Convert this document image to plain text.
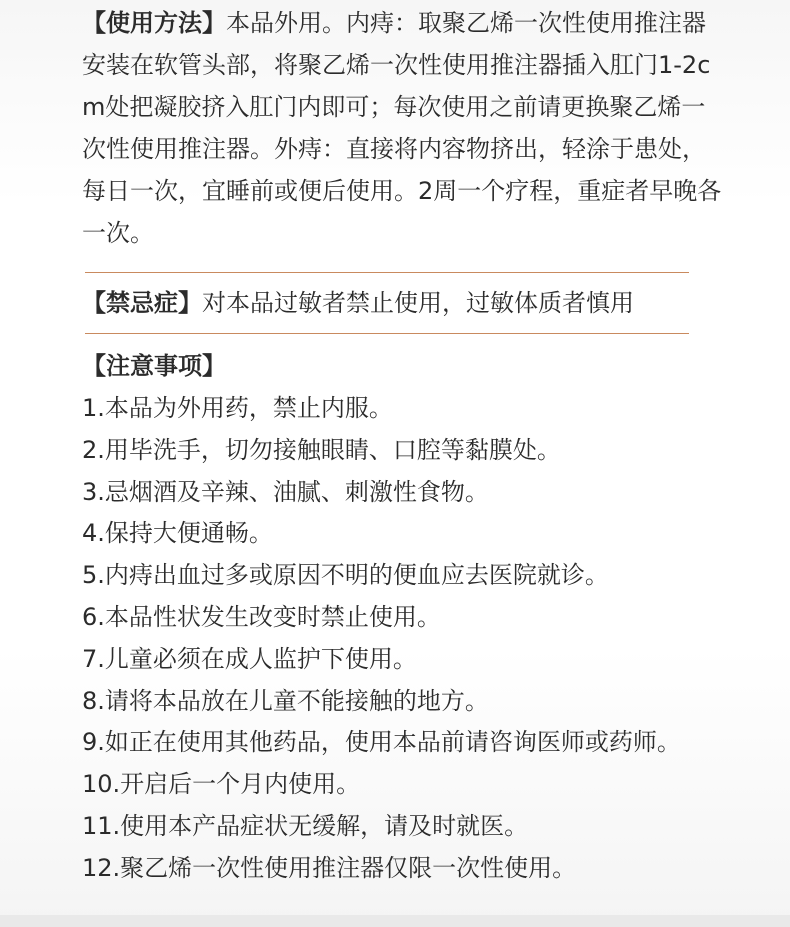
【使用方法】本品外用。内痔：取聚乙烯一次性使用推注器安装在软管头部，将聚乙烯一次性使用推注器插入肛门1-2cm处把凝胶挤入肛门内即可；每次使用之前请更换聚乙烯一次性使用推注器。外痔：直接将内容物挤出，轻涂于患处，每日一次，宜睡前或便后使用。2周一个疗程，重症者早晚各一次。

【禁忌症】对本品过敏者禁止使用，过敏体质者慎用

【注意事项】

1.本品为外用药，禁止内服。
2.用毕洗手，切勿接触眼睛、口腔等黏膜处。
3.忌烟酒及辛辣、油腻、刺激性食物。
4.保持大便通畅。
5.内痔出血过多或原因不明的便血应去医院就诊。
6.本品性状发生改变时禁止使用。
7.儿童必须在成人监护下使用。
8.请将本品放在儿童不能接触的地方。
9.如正在使用其他药品，使用本品前请咨询医师或药师。
10.开启后一个月内使用。
11.使用本产品症状无缓解，请及时就医。
12.聚乙烯一次性使用推注器仅限一次性使用。
